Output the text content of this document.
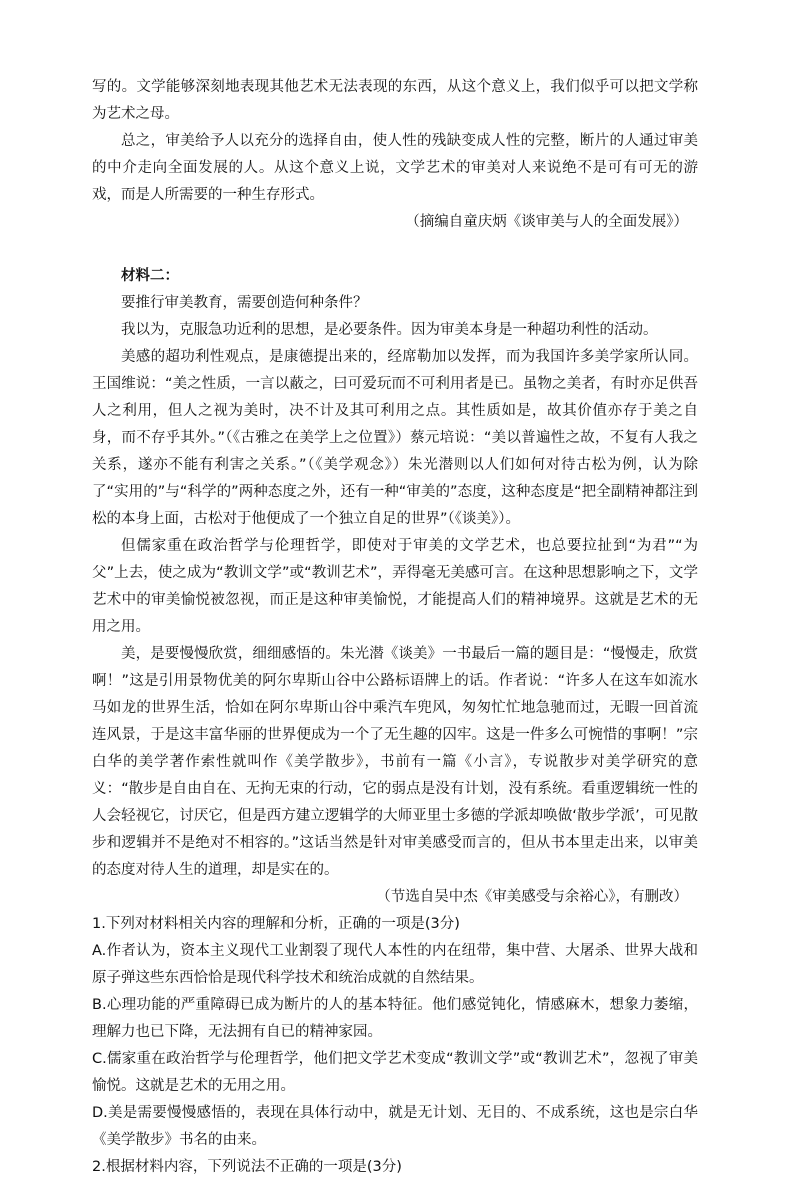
写的。文学能够深刻地表现其他艺术无法表现的东西，从这个意义上，我们似乎可以把文学称为艺术之母。

总之，审美给予人以充分的选择自由，使人性的残缺变成人性的完整，断片的人通过审美的中介走向全面发展的人。从这个意义上说，文学艺术的审美对人来说绝不是可有可无的游戏，而是人所需要的一种生存形式。

（摘编自童庆炳《谈审美与人的全面发展》）

材料二：

要推行审美教育，需要创造何种条件？

我以为，克服急功近利的思想，是必要条件。因为审美本身是一种超功利性的活动。

美感的超功利性观点，是康德提出来的，经席勒加以发挥，而为我国许多美学家所认同。王国维说：“美之性质，一言以蔽之，曰可爱玩而不可利用者是已。虽物之美者，有时亦足供吾人之利用，但人之视为美时，决不计及其可利用之点。其性质如是，故其价值亦存于美之自身，而不存乎其外。”（《古雅之在美学上之位置》）蔡元培说：“美以普遍性之故，不复有人我之关系，遂亦不能有利害之关系。”（《美学观念》）朱光潜则以人们如何对待古松为例，认为除了“实用的”与“科学的”两种态度之外，还有一种“审美的”态度，这种态度是“把全副精神都注到松的本身上面，古松对于他便成了一个独立自足的世界”（《谈美》）。

但儒家重在政治哲学与伦理哲学，即使对于审美的文学艺术，也总要拉扯到“为君”“为父”上去，使之成为“教训文学”或“教训艺术”，弄得毫无美感可言。在这种思想影响之下，文学艺术中的审美愉悦被忽视，而正是这种审美愉悦，才能提高人们的精神境界。这就是艺术的无用之用。

美，是要慢慢欣赏，细细感悟的。朱光潜《谈美》一书最后一篇的题目是：“慢慢走，欣赏啊！”这是引用景物优美的阿尔卑斯山谷中公路标语牌上的话。作者说：“许多人在这车如流水马如龙的世界生活，恰如在阿尔卑斯山谷中乘汽车兜风，匆匆忙忙地急驰而过，无暇一回首流连风景，于是这丰富华丽的世界便成为一个了无生趣的囚牢。这是一件多么可惋惜的事啊！”宗白华的美学著作索性就叫作《美学散步》，书前有一篇《小言》，专说散步对美学研究的意义：“散步是自由自在、无拘无束的行动，它的弱点是没有计划，没有系统。看重逻辑统一性的人会轻视它，讨厌它，但是西方建立逻辑学的大师亚里士多德的学派却唤做‘散步学派’，可见散步和逻辑并不是绝对不相容的。”这话当然是针对审美感受而言的，但从书本里走出来，以审美的态度对待人生的道理，却是实在的。

（节选自吴中杰《审美感受与余裕心》，有删改）

1.下列对材料相关内容的理解和分析，正确的一项是(3分)

A.作者认为，资本主义现代工业割裂了现代人本性的内在纽带，集中营、大屠杀、世界大战和原子弹这些东西恰恰是现代科学技术和统治成就的自然结果。

B.心理功能的严重障碍已成为断片的人的基本特征。他们感觉钝化，情感麻木，想象力萎缩，理解力也已下降，无法拥有自已的精神家园。

C.儒家重在政治哲学与伦理哲学，他们把文学艺术变成“教训文学”或“教训艺术”，忽视了审美愉悦。这就是艺术的无用之用。

D.美是需要慢慢感悟的，表现在具体行动中，就是无计划、无目的、不成系统，这也是宗白华《美学散步》书名的由来。

2.根据材料内容，下列说法不正确的一项是(3分)
